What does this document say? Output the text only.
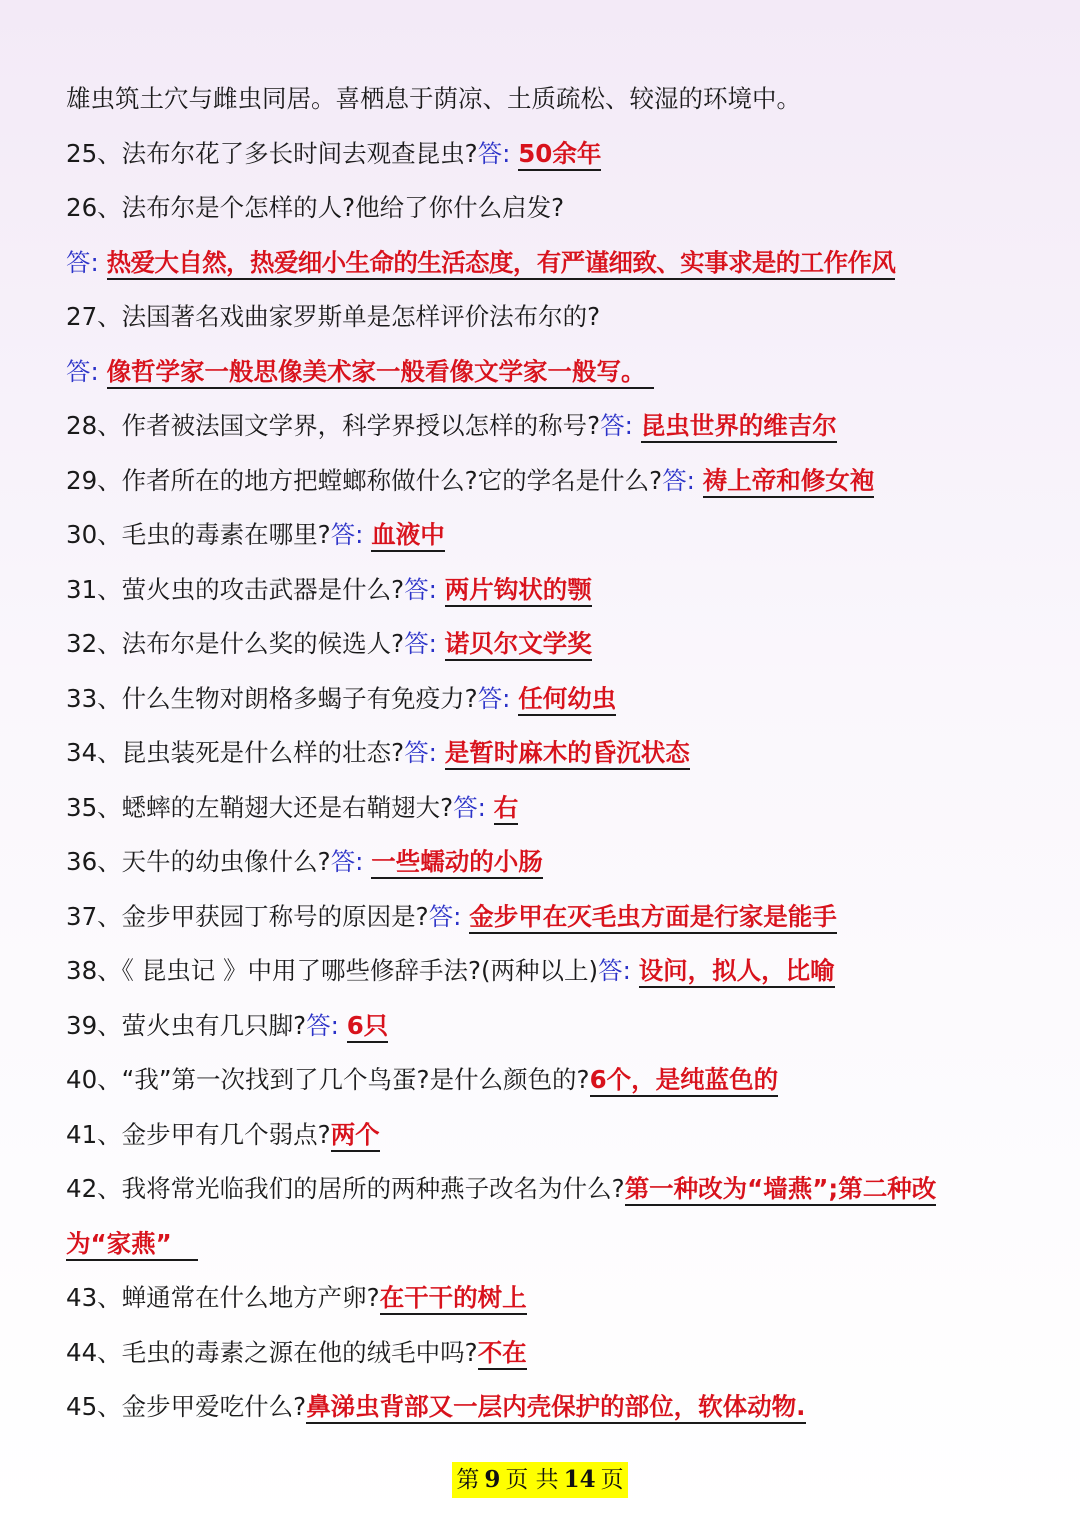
雄虫筑土穴与雌虫同居。喜栖息于荫凉、土质疏松、较湿的环境中。
25、法布尔花了多长时间去观查昆虫?答: 50余年
26、法布尔是个怎样的人?他给了你什么启发?
答: 热爱大自然，热爱细小生命的生活态度，有严谨细致、实事求是的工作作风
27、法国著名戏曲家罗斯单是怎样评价法布尔的?
答: 像哲学家一般思像美术家一般看像文学家一般写。
28、作者被法国文学界，科学界授以怎样的称号?答: 昆虫世界的维吉尔
29、作者所在的地方把螳螂称做什么?它的学名是什么?答: 祷上帝和修女袍
30、毛虫的毒素在哪里?答: 血液中
31、萤火虫的攻击武器是什么?答: 两片钩状的颚
32、法布尔是什么奖的候选人?答: 诺贝尔文学奖
33、什么生物对朗格多蝎子有免疫力?答: 任何幼虫
34、昆虫装死是什么样的壮态?答: 是暂时麻木的昏沉状态
35、蟋蟀的左鞘翅大还是右鞘翅大?答: 右
36、天牛的幼虫像什么?答: 一些蠕动的小肠
37、金步甲获园丁称号的原因是?答: 金步甲在灭毛虫方面是行家是能手
38、《 昆虫记 》中用了哪些修辞手法?(两种以上)答: 设问，拟人，比喻
39、萤火虫有几只脚?答: 6只
40、“我”第一次找到了几个鸟蛋?是什么颜色的?6个，是纯蓝色的
41、金步甲有几个弱点?两个
42、我将常光临我们的居所的两种燕子改名为什么?第一种改为“墙燕”;第二种改
为“家燕”
43、蝉通常在什么地方产卵?在干干的树上
44、毛虫的毒素之源在他的绒毛中吗?不在
45、金步甲爱吃什么?鼻涕虫背部又一层内壳保护的部位，软体动物.
第 9 页 共 14 页
